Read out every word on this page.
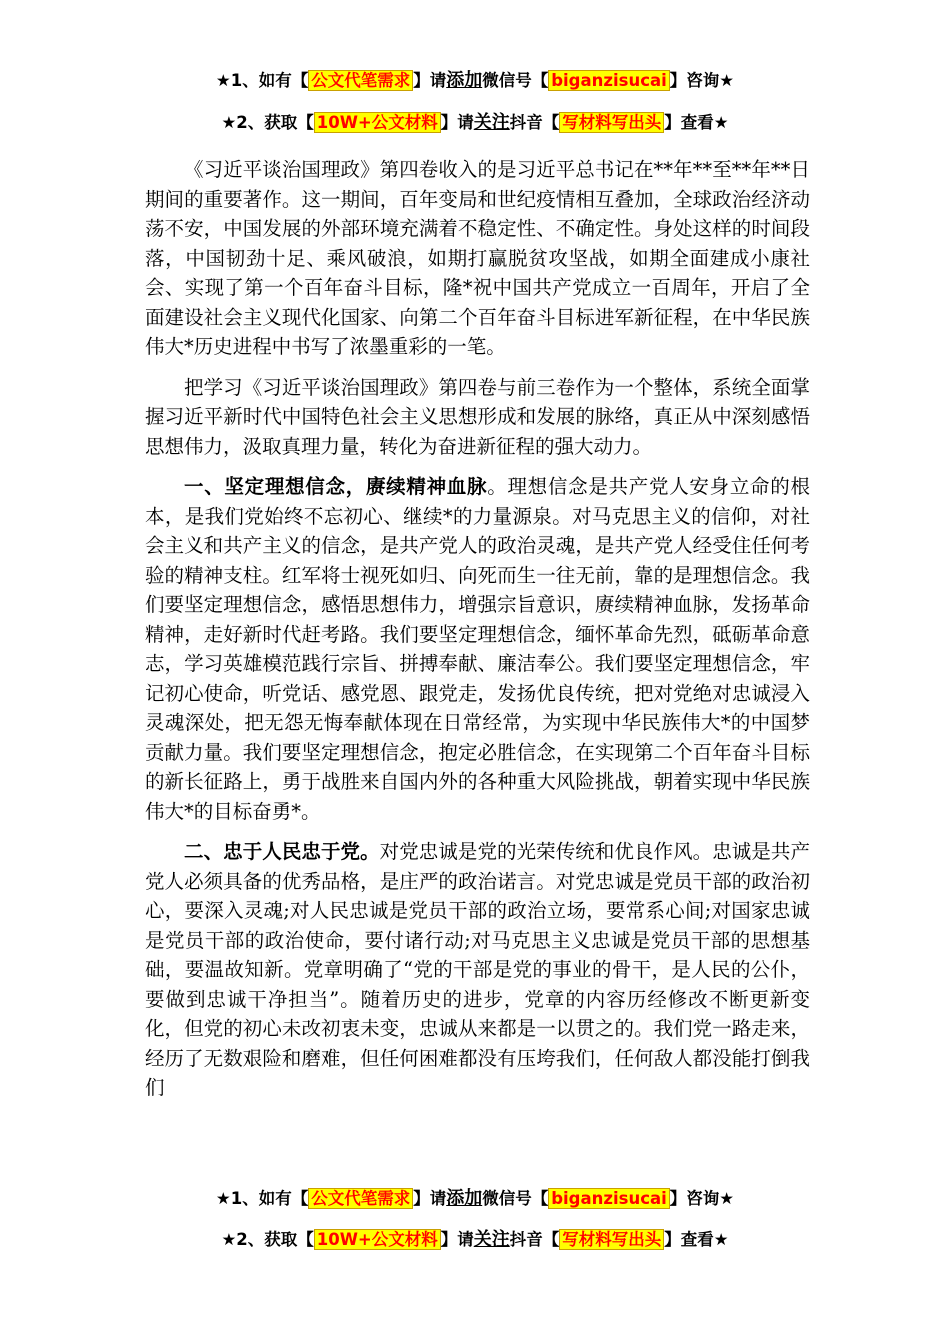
★1、如有【 公文代笔需求 】请添加微信号【 biganzisucai 】咨询★
★2、获取【 10W+公文材料 】请关注抖音【 写材料写出头 】查看★

《习近平谈治国理政》第四卷收入的是习近平总书记在**年**至**年**日期间的重要著作。这一期间，百年变局和世纪疫情相互叠加，全球政治经济动荡不安，中国发展的外部环境充满着不稳定性、不确定性。身处这样的时间段落，中国韧劲十足、乘风破浪，如期打赢脱贫攻坚战，如期全面建成小康社会、实现了第一个百年奋斗目标，隆*祝中国共产党成立一百周年，开启了全面建设社会主义现代化国家、向第二个百年奋斗目标进军新征程，在中华民族伟大*历史进程中书写了浓墨重彩的一笔。

把学习《习近平谈治国理政》第四卷与前三卷作为一个整体，系统全面掌握习近平新时代中国特色社会主义思想形成和发展的脉络，真正从中深刻感悟思想伟力，汲取真理力量，转化为奋进新征程的强大动力。

一、坚定理想信念，赓续精神血脉。理想信念是共产党人安身立命的根本，是我们党始终不忘初心、继续*的力量源泉。对马克思主义的信仰，对社会主义和共产主义的信念，是共产党人的政治灵魂，是共产党人经受住任何考验的精神支柱。红军将士视死如归、向死而生一往无前，靠的是理想信念。我们要坚定理想信念，感悟思想伟力，增强宗旨意识，赓续精神血脉，发扬革命精神，走好新时代赶考路。我们要坚定理想信念，缅怀革命先烈，砥砺革命意志，学习英雄模范践行宗旨、拼搏奉献、廉洁奉公。我们要坚定理想信念，牢记初心使命，听党话、感党恩、跟党走，发扬优良传统，把对党绝对忠诚浸入灵魂深处，把无怨无悔奉献体现在日常经常，为实现中华民族伟大*的中国梦贡献力量。我们要坚定理想信念，抱定必胜信念，在实现第二个百年奋斗目标的新长征路上，勇于战胜来自国内外的各种重大风险挑战，朝着实现中华民族伟大*的目标奋勇*。

二、忠于人民忠于党。对党忠诚是党的光荣传统和优良作风。忠诚是共产党人必须具备的优秀品格，是庄严的政治诺言。对党忠诚是党员干部的政治初心，要深入灵魂;对人民忠诚是党员干部的政治立场，要常系心间;对国家忠诚是党员干部的政治使命，要付诸行动;对马克思主义忠诚是党员干部的思想基础，要温故知新。党章明确了“党的干部是党的事业的骨干，是人民的公仆，要做到忠诚干净担当”。随着历史的进步，党章的内容历经修改不断更新变化，但党的初心未改初衷未变，忠诚从来都是一以贯之的。我们党一路走来，经历了无数艰险和磨难，但任何困难都没有压垮我们，任何敌人都没能打倒我们

★1、如有【 公文代笔需求 】请添加微信号【 biganzisucai 】咨询★
★2、获取【 10W+公文材料 】请关注抖音【 写材料写出头 】查看★
